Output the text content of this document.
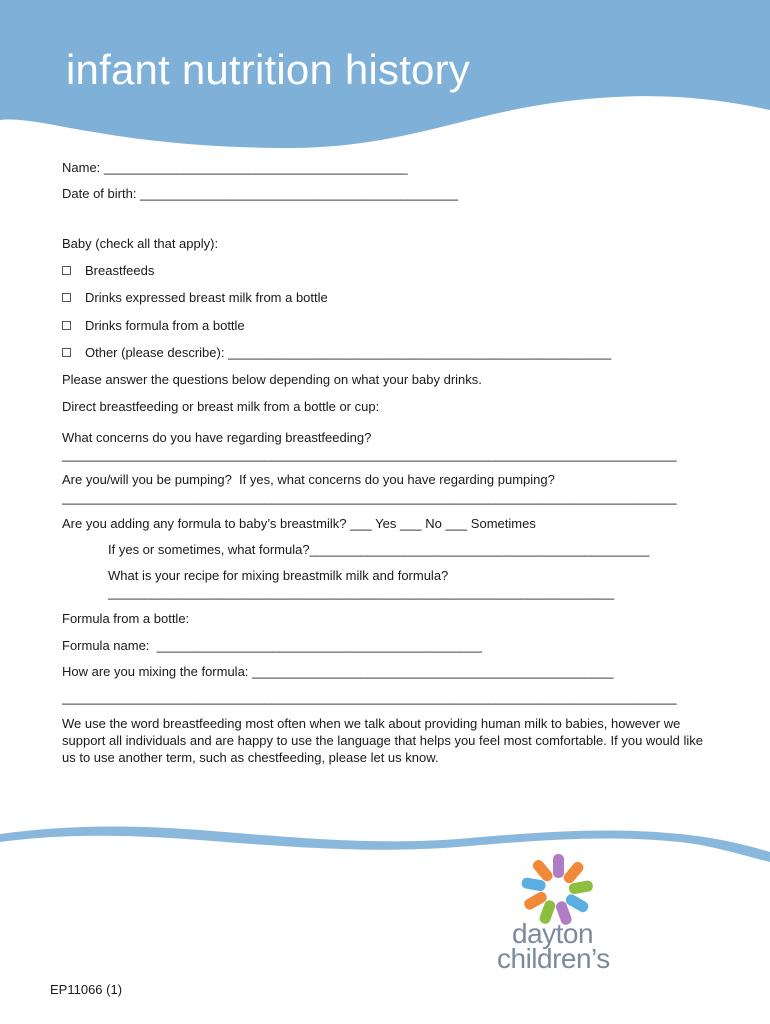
infant nutrition history
Name: __________________________________________
Date of birth: ____________________________________________
Baby (check all that apply):
Breastfeeds
Drinks expressed breast milk from a bottle
Drinks formula from a bottle
Other (please describe): _____________________________________________________
Please answer the questions below depending on what your baby drinks.
Direct breastfeeding or breast milk from a bottle or cup:
What concerns do you have regarding breastfeeding?
_____________________________________________________________________________________
Are you/will you be pumping?  If yes, what concerns do you have regarding pumping?
_____________________________________________________________________________________
Are you adding any formula to baby’s breastmilk? ___ Yes ___ No ___ Sometimes
If yes or sometimes, what formula?_______________________________________________
What is your recipe for mixing breastmilk milk and formula?
______________________________________________________________________
Formula from a bottle:
Formula name:  _____________________________________________
How are you mixing the formula: __________________________________________________
_____________________________________________________________________________________
We use the word breastfeeding most often when we talk about providing human milk to babies, however we support all individuals and are happy to use the language that helps you feel most comfortable. If you would like us to use another term, such as chestfeeding, please let us know.
dayton
children’s
EP11066 (1)
